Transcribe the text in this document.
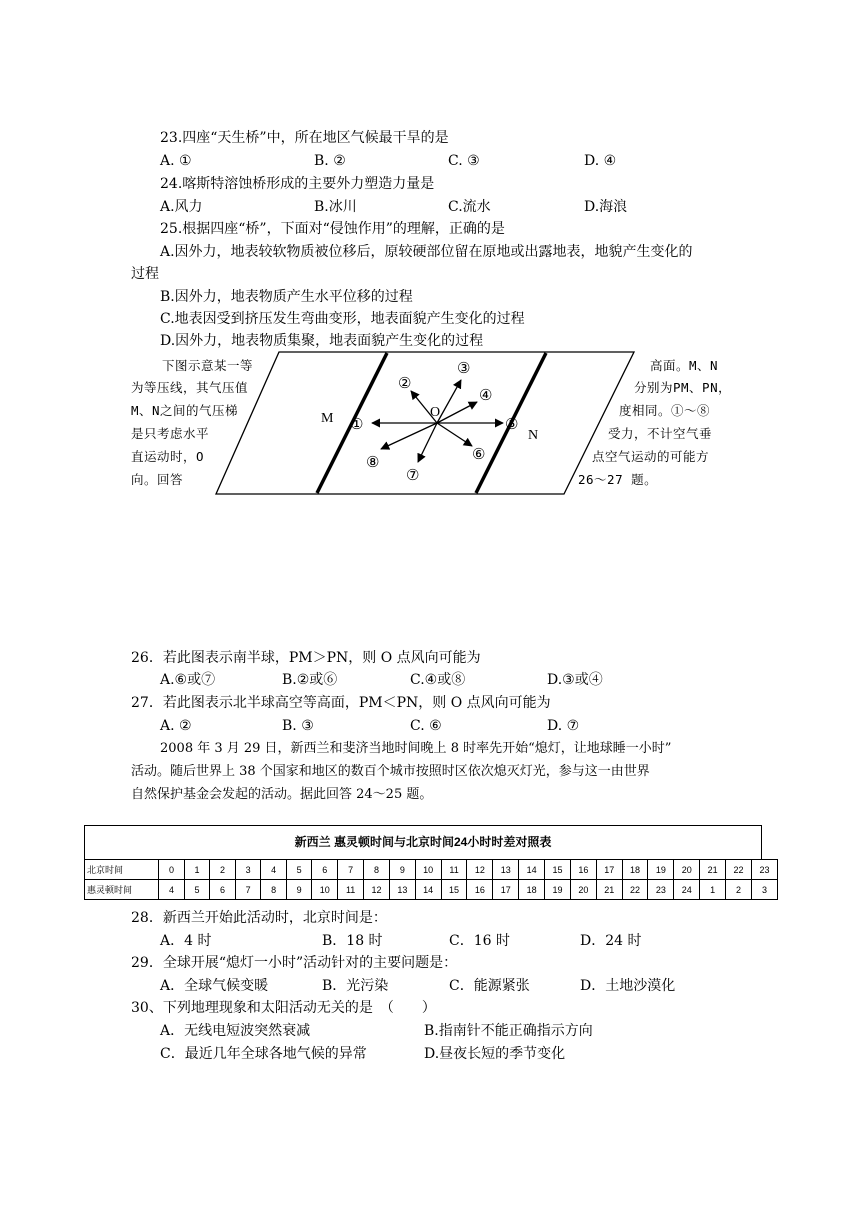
23.四座“天生桥”中，所在地区气候最干旱的是
A. ①	B. ②	C. ③	D. ④
24.喀斯特溶蚀桥形成的主要外力塑造力量是
A.风力	B.冰川	C.流水	D.海浪
25.根据四座“桥”，下面对“侵蚀作用”的理解，正确的是
A.因外力，地表较软物质被位移后，原较硬部位留在原地或出露地表，地貌产生变化的
过程
B.因外力，地表物质产生水平位移的过程
C.地表因受到挤压发生弯曲变形，地表面貌产生变化的过程
D.因外力，地表物质集聚，地表面貌产生变化的过程
下图示意某一等
为等压线，其气压值
M、N之间的气压梯
是只考虑水平
直运动时，O
向。回答
高面。M、N
分别为PM、PN，
度相同。①～⑧
受力，不计空气垂
点空气运动的可能方
26～27 题。
M
N
O
①
②
③
④
⑤
⑥
⑦
⑧
26．若此图表示南半球，PM＞PN，则 O 点风向可能为
A.⑥或⑦	B.②或⑥	C.④或⑧	D.③或④
27．若此图表示北半球高空等高面，PM＜PN，则 O 点风向可能为
A. ②	B. ③	C. ⑥	D. ⑦
2008 年 3 月 29 日，新西兰和斐济当地时间晚上 8 时率先开始“熄灯，让地球睡一小时”
活动。随后世界上 38 个国家和地区的数百个城市按照时区依次熄灭灯光，参与这一由世界
自然保护基金会发起的活动。据此回答 24～25 题。
新西兰 惠灵顿时间与北京时间24小时时差对照表
北京时间	0	1	2	3	4	5	6	7	8	9	10	11	12	13	14	15	16	17	18	19	20	21	22	23
惠灵顿时间	4	5	6	7	8	9	10	11	12	13	14	15	16	17	18	19	20	21	22	23	24	1	2	3
28．新西兰开始此活动时，北京时间是：
A．4 时	B．18 时	C．16 时	D．24 时
29．全球开展“熄灯一小时”活动针对的主要问题是：
A．全球气候变暖	B．光污染	C．能源紧张	D．土地沙漠化
30、下列地理现象和太阳活动无关的是　（　　）
A．无线电短波突然衰减	B.指南针不能正确指示方向
C．最近几年全球各地气候的异常	D.昼夜长短的季节变化
